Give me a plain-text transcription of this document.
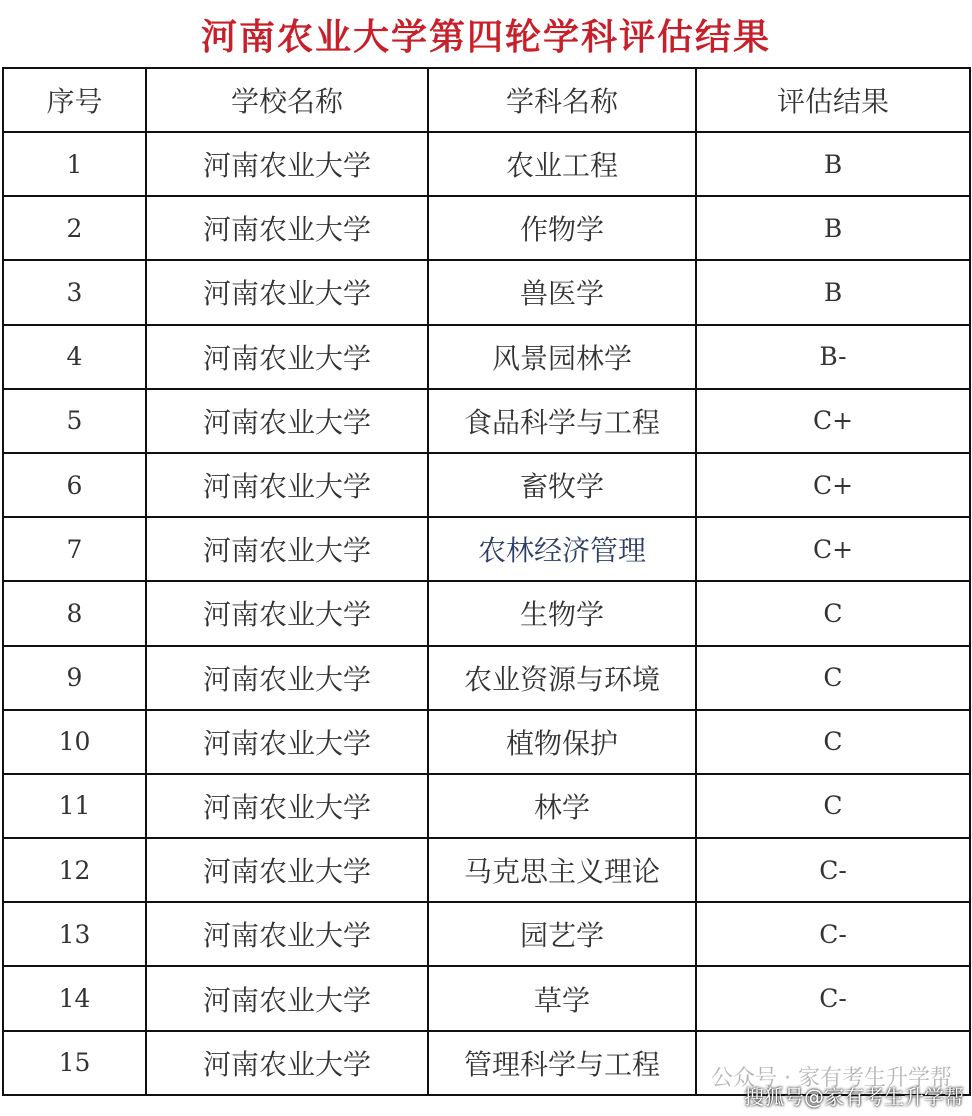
河南农业大学第四轮学科评估结果
序号	学校名称	学科名称	评估结果
1	河南农业大学	农业工程	B
2	河南农业大学	作物学	B
3	河南农业大学	兽医学	B
4	河南农业大学	风景园林学	B-
5	河南农业大学	食品科学与工程	C+
6	河南农业大学	畜牧学	C+
7	河南农业大学	农林经济管理	C+
8	河南农业大学	生物学	C
9	河南农业大学	农业资源与环境	C
10	河南农业大学	植物保护	C
11	河南农业大学	林学	C
12	河南农业大学	马克思主义理论	C-
13	河南农业大学	园艺学	C-
14	河南农业大学	草学	C-
15	河南农业大学	管理科学与工程	公众号 · 家有考生升学帮
搜狐号@家有考生升学帮
